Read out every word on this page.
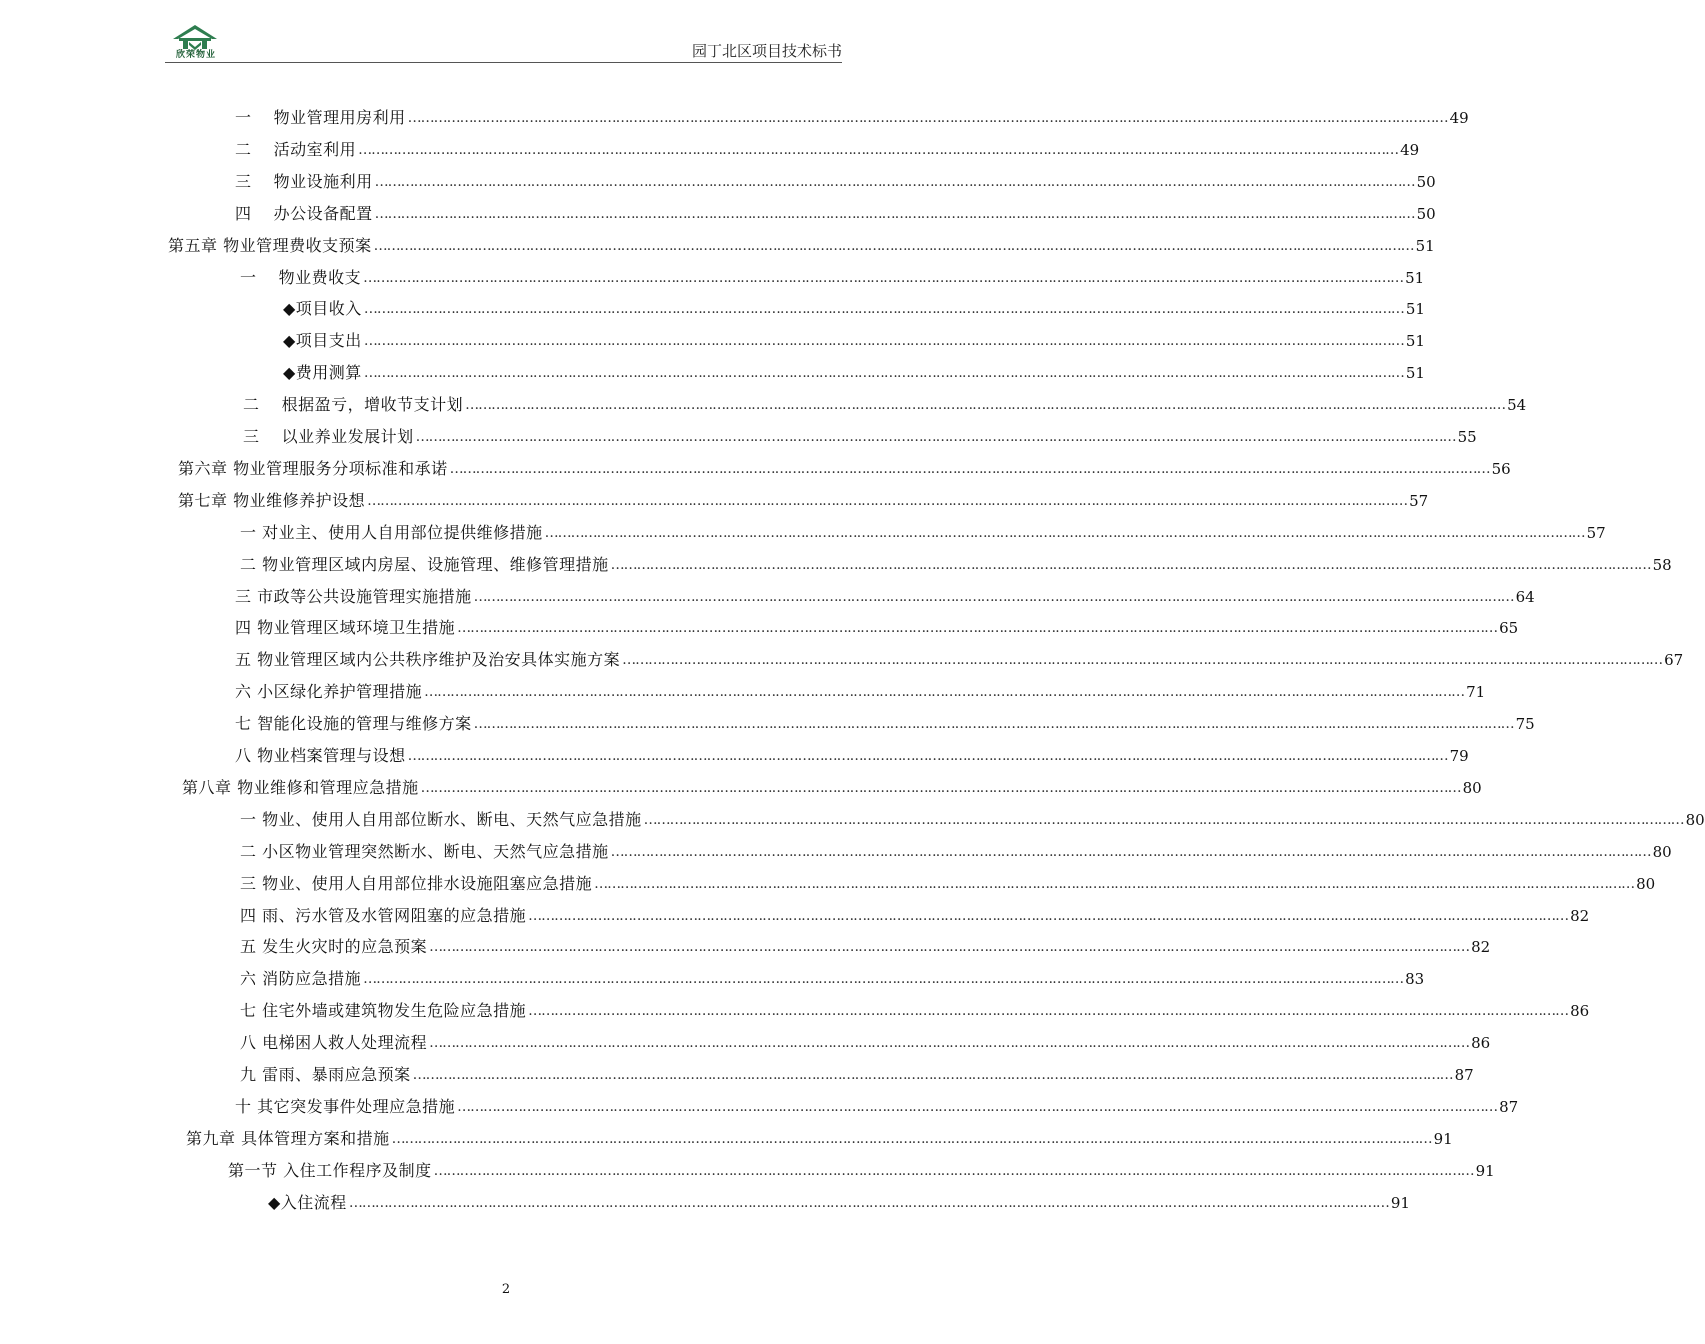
欣荣物业	园丁北区项目技术标书
一　 物业管理用房利用 …………………………………………………………………………………………………………………………………………………………………………………………………………………… 49
二　 活动室利用 …………………………………………………………………………………………………………………………………………………………………………………………………………………… 49
三　 物业设施利用 …………………………………………………………………………………………………………………………………………………………………………………………………………………… 50
四　 办公设备配置 …………………………………………………………………………………………………………………………………………………………………………………………………………………… 50
第五章 物业管理费收支预案 …………………………………………………………………………………………………………………………………………………………………………………………………………………… 51
一　 物业费收支 …………………………………………………………………………………………………………………………………………………………………………………………………………………… 51
◆项目收入 …………………………………………………………………………………………………………………………………………………………………………………………………………………… 51
◆项目支出 …………………………………………………………………………………………………………………………………………………………………………………………………………………… 51
◆费用测算 …………………………………………………………………………………………………………………………………………………………………………………………………………………… 51
二　 根据盈亏，增收节支计划 …………………………………………………………………………………………………………………………………………………………………………………………………………………… 54
三　 以业养业发展计划 …………………………………………………………………………………………………………………………………………………………………………………………………………………… 55
第六章 物业管理服务分项标准和承诺 …………………………………………………………………………………………………………………………………………………………………………………………………………………… 56
第七章 物业维修养护设想 …………………………………………………………………………………………………………………………………………………………………………………………………………………… 57
一 对业主、使用人自用部位提供维修措施 …………………………………………………………………………………………………………………………………………………………………………………………………………………… 57
二 物业管理区域内房屋、设施管理、维修管理措施 …………………………………………………………………………………………………………………………………………………………………………………………………………………… 58
三 市政等公共设施管理实施措施 …………………………………………………………………………………………………………………………………………………………………………………………………………………… 64
四 物业管理区域环境卫生措施 …………………………………………………………………………………………………………………………………………………………………………………………………………………… 65
五 物业管理区域内公共秩序维护及治安具体实施方案 …………………………………………………………………………………………………………………………………………………………………………………………………………………… 67
六 小区绿化养护管理措施 …………………………………………………………………………………………………………………………………………………………………………………………………………………… 71
七 智能化设施的管理与维修方案 …………………………………………………………………………………………………………………………………………………………………………………………………………………… 75
八 物业档案管理与设想 …………………………………………………………………………………………………………………………………………………………………………………………………………………… 79
第八章 物业维修和管理应急措施 …………………………………………………………………………………………………………………………………………………………………………………………………………………… 80
一 物业、使用人自用部位断水、断电、天然气应急措施 …………………………………………………………………………………………………………………………………………………………………………………………………………………… 80
二 小区物业管理突然断水、断电、天然气应急措施 …………………………………………………………………………………………………………………………………………………………………………………………………………………… 80
三 物业、使用人自用部位排水设施阻塞应急措施 …………………………………………………………………………………………………………………………………………………………………………………………………………………… 80
四 雨、污水管及水管网阻塞的应急措施 …………………………………………………………………………………………………………………………………………………………………………………………………………………… 82
五 发生火灾时的应急预案 …………………………………………………………………………………………………………………………………………………………………………………………………………………… 82
六 消防应急措施 …………………………………………………………………………………………………………………………………………………………………………………………………………………… 83
七 住宅外墙或建筑物发生危险应急措施 …………………………………………………………………………………………………………………………………………………………………………………………………………………… 86
八 电梯困人救人处理流程 …………………………………………………………………………………………………………………………………………………………………………………………………………………… 86
九 雷雨、暴雨应急预案 …………………………………………………………………………………………………………………………………………………………………………………………………………………… 87
十 其它突发事件处理应急措施 …………………………………………………………………………………………………………………………………………………………………………………………………………………… 87
第九章 具体管理方案和措施 …………………………………………………………………………………………………………………………………………………………………………………………………………………… 91
第一节 入住工作程序及制度 …………………………………………………………………………………………………………………………………………………………………………………………………………………… 91
◆入住流程 …………………………………………………………………………………………………………………………………………………………………………………………………………………… 91
2
